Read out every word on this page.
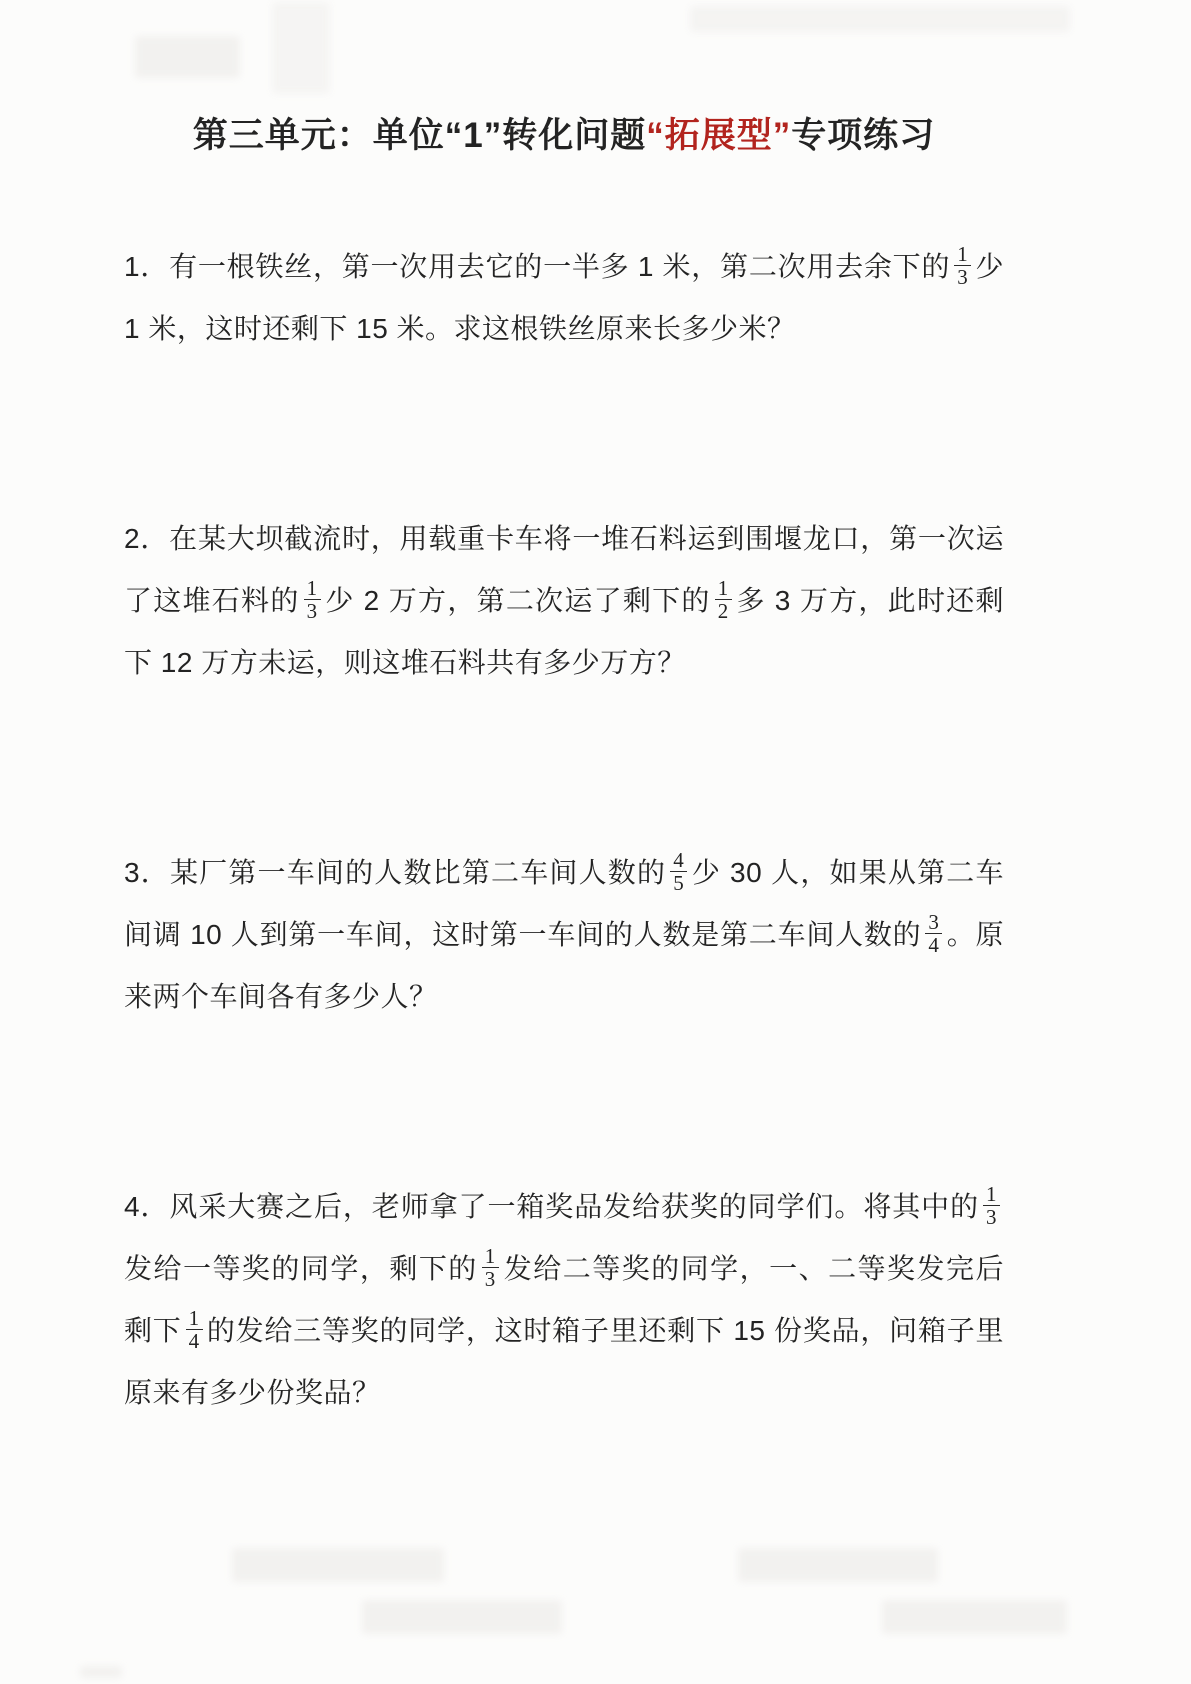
第三单元：单位“1”转化问题“拓展型”专项练习

1．有一根铁丝，第一次用去它的一半多 1 米，第二次用去余下的 $\frac{1}{3}$ 少 1 米，这时还剩下 15 米。求这根铁丝原来长多少米？

2．在某大坝截流时，用载重卡车将一堆石料运到围堰龙口，第一次运了这堆石料的 $\frac{1}{3}$ 少 2 万方，第二次运了剩下的 $\frac{1}{2}$ 多 3 万方，此时还剩下 12 万方未运，则这堆石料共有多少万方？

3．某厂第一车间的人数比第二车间人数的 $\frac{4}{5}$ 少 30 人，如果从第二车间调 10 人到第一车间，这时第一车间的人数是第二车间人数的 $\frac{3}{4}$ 。原来两个车间各有多少人？

4．风采大赛之后，老师拿了一箱奖品发给获奖的同学们。将其中的 $\frac{1}{3}$
发给一等奖的同学，剩下的 $\frac{1}{3}$ 发给二等奖的同学，一、二等奖发完后剩下 $\frac{1}{4}$ 的发给三等奖的同学，这时箱子里还剩下 15 份奖品，问箱子里原来有多少份奖品？
